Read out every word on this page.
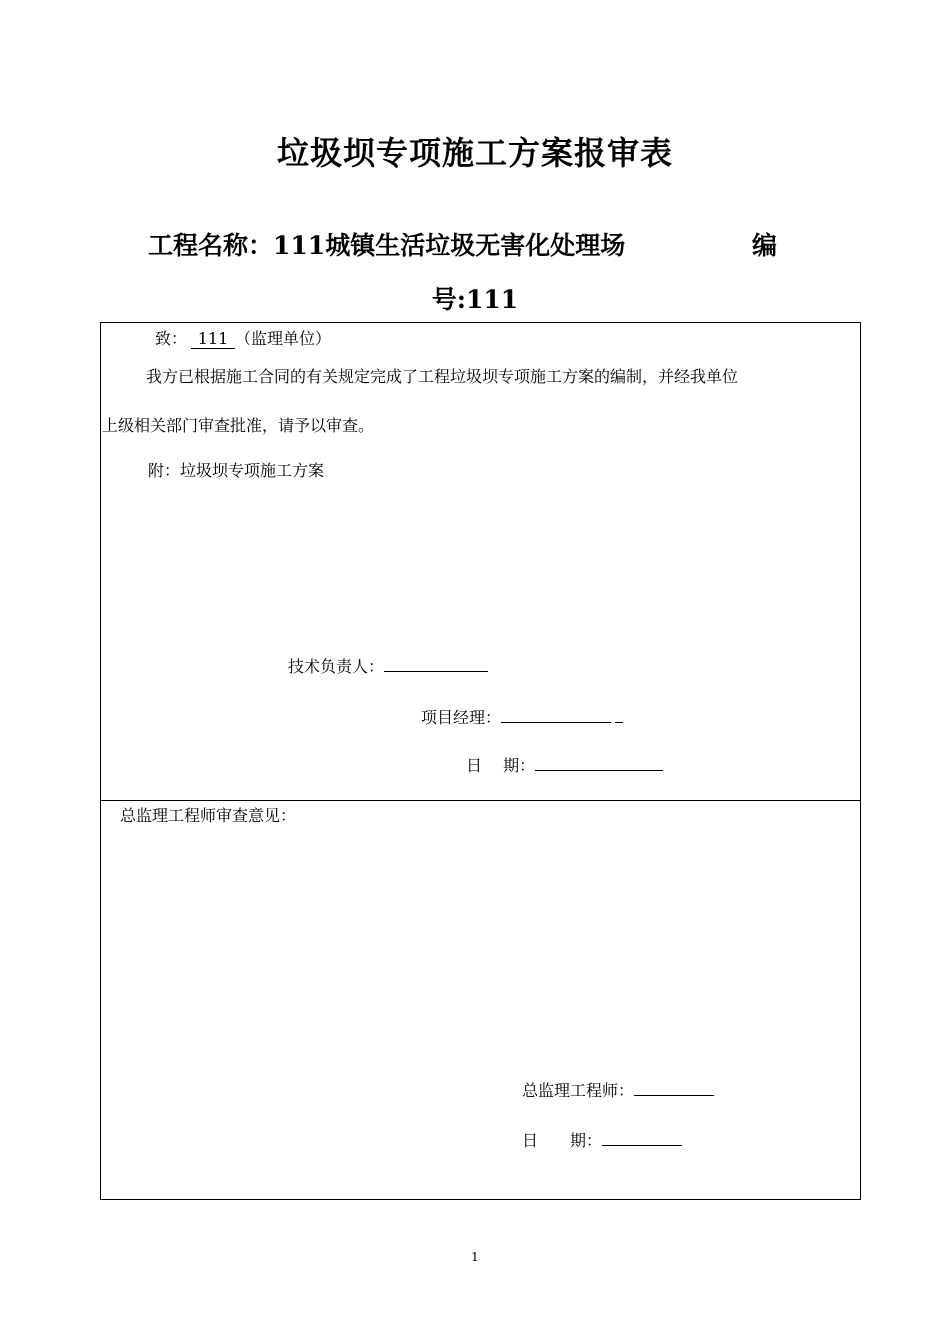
垃圾坝专项施工方案报审表
工程名称：111城镇生活垃圾无害化处理场	编
号:111
致： 111 （监理单位）
我方已根据施工合同的有关规定完成了工程垃圾坝专项施工方案的编制，并经我单位
上级相关部门审查批准，请予以审查。
附：垃圾坝专项施工方案
技术负责人：
项目经理：
日　 期：
总监理工程师审查意见：
总监理工程师：
日　　期：
1
